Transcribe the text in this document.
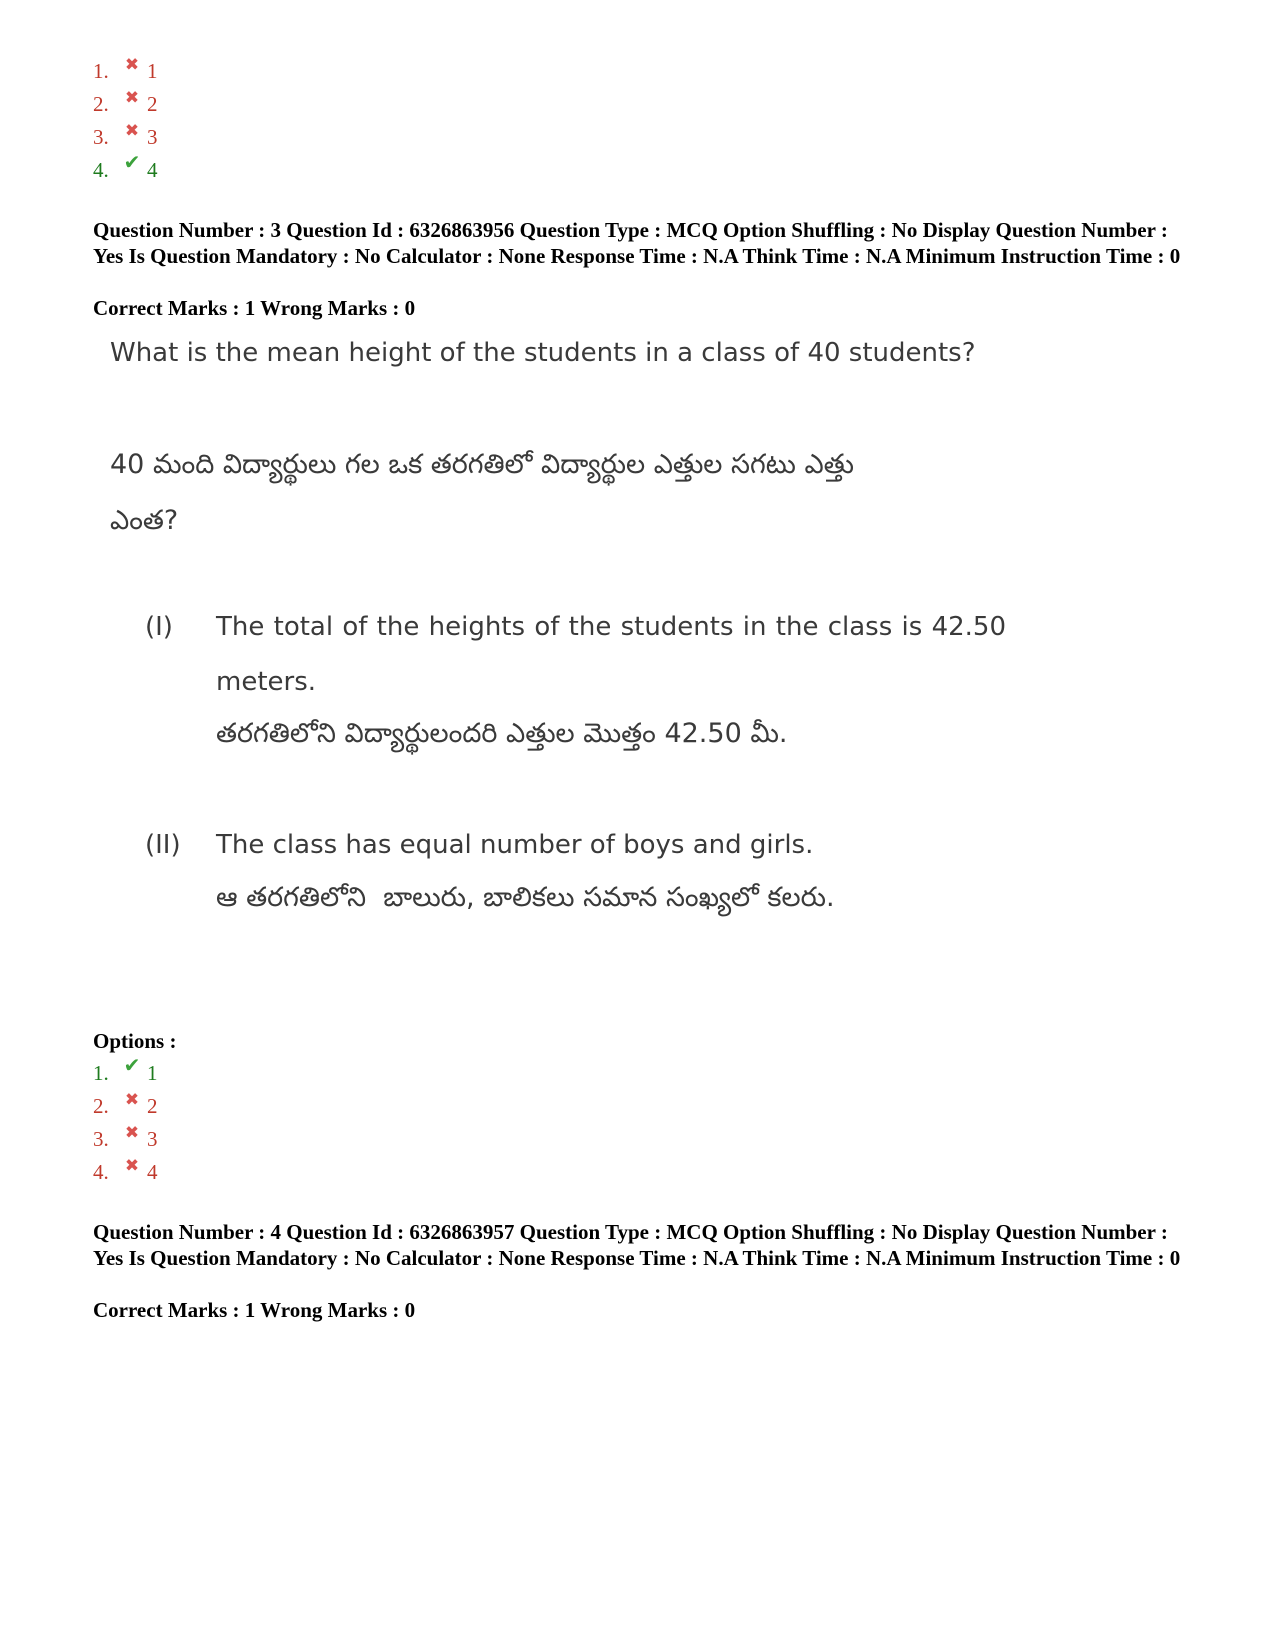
1. ✖ 1
2. ✖ 2
3. ✖ 3
4. ✔ 4
Question Number : 3 Question Id : 6326863956 Question Type : MCQ Option Shuffling : No Display Question Number : Yes Is Question Mandatory : No Calculator : None Response Time : N.A Think Time : N.A Minimum Instruction Time : 0
Correct Marks : 1 Wrong Marks : 0
What is the mean height of the students in a class of 40 students?
40 మంది విద్యార్థులు గల ఒక తరగతిలో విద్యార్థుల ఎత్తుల సగటు ఎత్తు
ఎంత?
(I) The total of the heights of the students in the class is 42.50
meters.
తరగతిలోని విద్యార్థులందరి ఎత్తుల మొత్తం 42.50 మీ.
(II) The class has equal number of boys and girls.
ఆ తరగతిలోని  బాలురు, బాలికలు సమాన సంఖ్యలో కలరు.
Options :
1. ✔ 1
2. ✖ 2
3. ✖ 3
4. ✖ 4
Question Number : 4 Question Id : 6326863957 Question Type : MCQ Option Shuffling : No Display Question Number : Yes Is Question Mandatory : No Calculator : None Response Time : N.A Think Time : N.A Minimum Instruction Time : 0
Correct Marks : 1 Wrong Marks : 0
